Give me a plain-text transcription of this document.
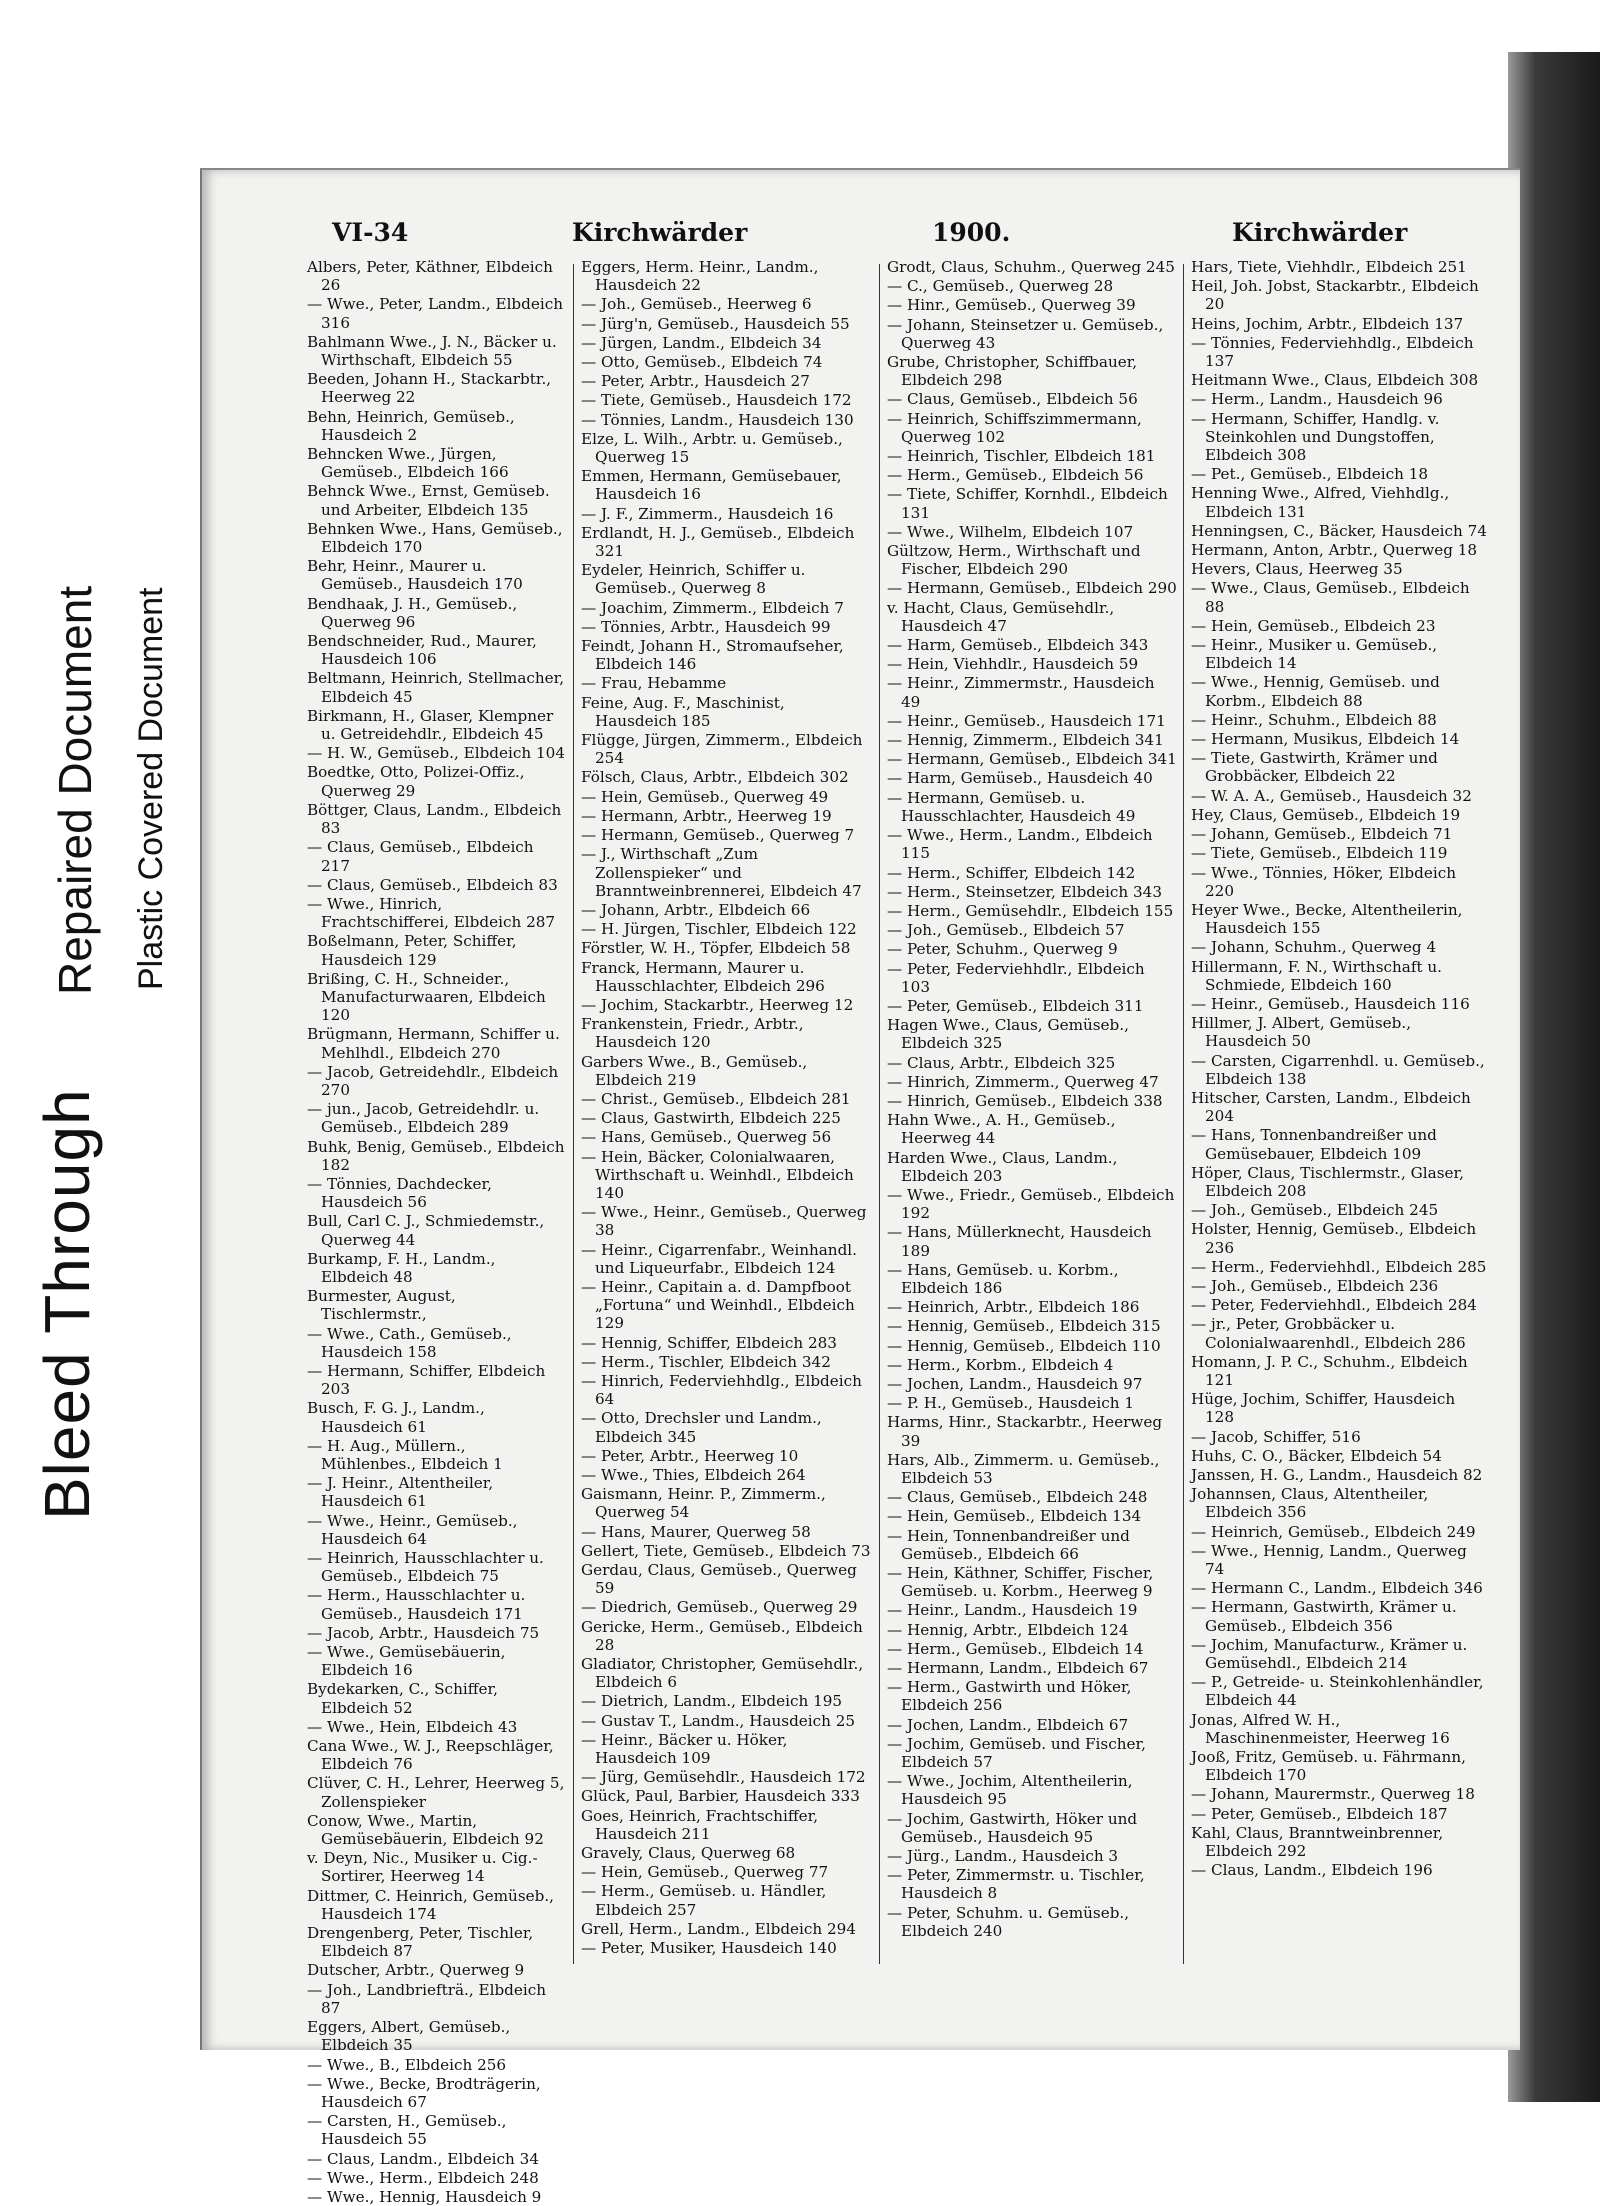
Bleed Through
Repaired Document Plastic Covered Document
VI-34	Kirchwärder	1900.	Kirchwärder
Albers, Peter, Käthner, Elbdeich 26
— Wwe., Peter, Landm., Elbdeich 316
Bahlmann Wwe., J. N., Bäcker u. Wirthschaft, Elbdeich 55
Beeden, Johann H., Stackarbtr., Heerweg 22
Behn, Heinrich, Gemüseb., Hausdeich 2
Behncken Wwe., Jürgen, Gemüseb., Elbdeich 166
Behnck Wwe., Ernst, Gemüseb. und Arbeiter, Elbdeich 135
Behnken Wwe., Hans, Gemüseb., Elbdeich 170
Behr, Heinr., Maurer u. Gemüseb., Hausdeich 170
Bendhaak, J. H., Gemüseb., Querweg 96
Bendschneider, Rud., Maurer, Hausdeich 106
Beltmann, Heinrich, Stellmacher, Elbdeich 45
Birkmann, H., Glaser, Klempner u. Getreidehdlr., Elbdeich 45
— H. W., Gemüseb., Elbdeich 104
Boedtke, Otto, Polizei-Offiz., Querweg 29
Böttger, Claus, Landm., Elbdeich 83
— Claus, Gemüseb., Elbdeich 217
— Claus, Gemüseb., Elbdeich 83
— Wwe., Hinrich, Frachtschifferei, Elbdeich 287
Boßelmann, Peter, Schiffer, Hausdeich 129
Brißing, C. H., Schneider., Manufacturwaaren, Elbdeich 120
Brügmann, Hermann, Schiffer u. Mehlhdl., Elbdeich 270
— Jacob, Getreidehdlr., Elbdeich 270
— jun., Jacob, Getreidehdlr. u. Gemüseb., Elbdeich 289
Buhk, Benig, Gemüseb., Elbdeich 182
— Tönnies, Dachdecker, Hausdeich 56
Bull, Carl C. J., Schmiedemstr., Querweg 44
Burkamp, F. H., Landm., Elbdeich 48
Burmester, August, Tischlermstr.,
— Wwe., Cath., Gemüseb., Hausdeich 158
— Hermann, Schiffer, Elbdeich 203
Busch, F. G. J., Landm., Hausdeich 61
— H. Aug., Müllern., Mühlenbes., Elbdeich 1
— J. Heinr., Altentheiler, Hausdeich 61
— Wwe., Heinr., Gemüseb., Hausdeich 64
— Heinrich, Hausschlachter u. Gemüseb., Elbdeich 75
— Herm., Hausschlachter u. Gemüseb., Hausdeich 171
— Jacob, Arbtr., Hausdeich 75
— Wwe., Gemüsebäuerin, Elbdeich 16
Bydekarken, C., Schiffer, Elbdeich 52
— Wwe., Hein, Elbdeich 43
Cana Wwe., W. J., Reepschläger, Elbdeich 76
Clüver, C. H., Lehrer, Heerweg 5, Zollenspieker
Conow, Wwe., Martin, Gemüsebäuerin, Elbdeich 92
v. Deyn, Nic., Musiker u. Cig.-Sortirer, Heerweg 14
Dittmer, C. Heinrich, Gemüseb., Hausdeich 174
Drengenberg, Peter, Tischler, Elbdeich 87
Dutscher, Arbtr., Querweg 9
— Joh., Landbriefträ., Elbdeich 87
Eggers, Albert, Gemüseb., Elbdeich 35
— Wwe., B., Elbdeich 256
— Wwe., Becke, Brodträgerin, Hausdeich 67
— Carsten, H., Gemüseb., Hausdeich 55
— Claus, Landm., Elbdeich 34
— Wwe., Herm., Elbdeich 248
— Wwe., Hennig, Hausdeich 9
Eggers, Herm. Heinr., Landm., Hausdeich 22
— Joh., Gemüseb., Heerweg 6
— Jürg'n, Gemüseb., Hausdeich 55
— Jürgen, Landm., Elbdeich 34
— Otto, Gemüseb., Elbdeich 74
— Peter, Arbtr., Hausdeich 27
— Tiete, Gemüseb., Hausdeich 172
— Tönnies, Landm., Hausdeich 130
Elze, L. Wilh., Arbtr. u. Gemüseb., Querweg 15
Emmen, Hermann, Gemüsebauer, Hausdeich 16
— J. F., Zimmerm., Hausdeich 16
Erdlandt, H. J., Gemüseb., Elbdeich 321
Eydeler, Heinrich, Schiffer u. Gemüseb., Querweg 8
— Joachim, Zimmerm., Elbdeich 7
— Tönnies, Arbtr., Hausdeich 99
Feindt, Johann H., Stromaufseher, Elbdeich 146
— Frau, Hebamme
Feine, Aug. F., Maschinist, Hausdeich 185
Flügge, Jürgen, Zimmerm., Elbdeich 254
Fölsch, Claus, Arbtr., Elbdeich 302
— Hein, Gemüseb., Querweg 49
— Hermann, Arbtr., Heerweg 19
— Hermann, Gemüseb., Querweg 7
— J., Wirthschaft „Zum Zollenspieker“ und Branntweinbrennerei, Elbdeich 47
— Johann, Arbtr., Elbdeich 66
— H. Jürgen, Tischler, Elbdeich 122
Förstler, W. H., Töpfer, Elbdeich 58
Franck, Hermann, Maurer u. Hausschlachter, Elbdeich 296
— Jochim, Stackarbtr., Heerweg 12
Frankenstein, Friedr., Arbtr., Hausdeich 120
Garbers Wwe., B., Gemüseb., Elbdeich 219
— Christ., Gemüseb., Elbdeich 281
— Claus, Gastwirth, Elbdeich 225
— Hans, Gemüseb., Querweg 56
— Hein, Bäcker, Colonialwaaren, Wirthschaft u. Weinhdl., Elbdeich 140
— Wwe., Heinr., Gemüseb., Querweg 38
— Heinr., Cigarrenfabr., Weinhandl. und Liqueurfabr., Elbdeich 124
— Heinr., Capitain a. d. Dampfboot „Fortuna“ und Weinhdl., Elbdeich 129
— Hennig, Schiffer, Elbdeich 283
— Herm., Tischler, Elbdeich 342
— Hinrich, Federviehhdlg., Elbdeich 64
— Otto, Drechsler und Landm., Elbdeich 345
— Peter, Arbtr., Heerweg 10
— Wwe., Thies, Elbdeich 264
Gaismann, Heinr. P., Zimmerm., Querweg 54
— Hans, Maurer, Querweg 58
Gellert, Tiete, Gemüseb., Elbdeich 73
Gerdau, Claus, Gemüseb., Querweg 59
— Diedrich, Gemüseb., Querweg 29
Gericke, Herm., Gemüseb., Elbdeich 28
Gladiator, Christopher, Gemüsehdlr., Elbdeich 6
— Dietrich, Landm., Elbdeich 195
— Gustav T., Landm., Hausdeich 25
— Heinr., Bäcker u. Höker, Hausdeich 109
— Jürg, Gemüsehdlr., Hausdeich 172
Glück, Paul, Barbier, Hausdeich 333
Goes, Heinrich, Frachtschiffer, Hausdeich 211
Gravely, Claus, Querweg 68
— Hein, Gemüseb., Querweg 77
— Herm., Gemüseb. u. Händler, Elbdeich 257
Grell, Herm., Landm., Elbdeich 294
— Peter, Musiker, Hausdeich 140
Grodt, Claus, Schuhm., Querweg 245
— C., Gemüseb., Querweg 28
— Hinr., Gemüseb., Querweg 39
— Johann, Steinsetzer u. Gemüseb., Querweg 43
Grube, Christopher, Schiffbauer, Elbdeich 298
— Claus, Gemüseb., Elbdeich 56
— Heinrich, Schiffszimmermann, Querweg 102
— Heinrich, Tischler, Elbdeich 181
— Herm., Gemüseb., Elbdeich 56
— Tiete, Schiffer, Kornhdl., Elbdeich 131
— Wwe., Wilhelm, Elbdeich 107
Gültzow, Herm., Wirthschaft und Fischer, Elbdeich 290
— Hermann, Gemüseb., Elbdeich 290
v. Hacht, Claus, Gemüsehdlr., Hausdeich 47
— Harm, Gemüseb., Elbdeich 343
— Hein, Viehhdlr., Hausdeich 59
— Heinr., Zimmermstr., Hausdeich 49
— Heinr., Gemüseb., Hausdeich 171
— Hennig, Zimmerm., Elbdeich 341
— Hermann, Gemüseb., Elbdeich 341
— Harm, Gemüseb., Hausdeich 40
— Hermann, Gemüseb. u. Hausschlachter, Hausdeich 49
— Wwe., Herm., Landm., Elbdeich 115
— Herm., Schiffer, Elbdeich 142
— Herm., Steinsetzer, Elbdeich 343
— Herm., Gemüsehdlr., Elbdeich 155
— Joh., Gemüseb., Elbdeich 57
— Peter, Schuhm., Querweg 9
— Peter, Federviehhdlr., Elbdeich 103
— Peter, Gemüseb., Elbdeich 311
Hagen Wwe., Claus, Gemüseb., Elbdeich 325
— Claus, Arbtr., Elbdeich 325
— Hinrich, Zimmerm., Querweg 47
— Hinrich, Gemüseb., Elbdeich 338
Hahn Wwe., A. H., Gemüseb., Heerweg 44
Harden Wwe., Claus, Landm., Elbdeich 203
— Wwe., Friedr., Gemüseb., Elbdeich 192
— Hans, Müllerknecht, Hausdeich 189
— Hans, Gemüseb. u. Korbm., Elbdeich 186
— Heinrich, Arbtr., Elbdeich 186
— Hennig, Gemüseb., Elbdeich 315
— Hennig, Gemüseb., Elbdeich 110
— Herm., Korbm., Elbdeich 4
— Jochen, Landm., Hausdeich 97
— P. H., Gemüseb., Hausdeich 1
Harms, Hinr., Stackarbtr., Heerweg 39
Hars, Alb., Zimmerm. u. Gemüseb., Elbdeich 53
— Claus, Gemüseb., Elbdeich 248
— Hein, Gemüseb., Elbdeich 134
— Hein, Tonnenbandreißer und Gemüseb., Elbdeich 66
— Hein, Käthner, Schiffer, Fischer, Gemüseb. u. Korbm., Heerweg 9
— Heinr., Landm., Hausdeich 19
— Hennig, Arbtr., Elbdeich 124
— Herm., Gemüseb., Elbdeich 14
— Hermann, Landm., Elbdeich 67
— Herm., Gastwirth und Höker, Elbdeich 256
— Jochen, Landm., Elbdeich 67
— Jochim, Gemüseb. und Fischer, Elbdeich 57
— Wwe., Jochim, Altentheilerin, Hausdeich 95
— Jochim, Gastwirth, Höker und Gemüseb., Hausdeich 95
— Jürg., Landm., Hausdeich 3
— Peter, Zimmermstr. u. Tischler, Hausdeich 8
— Peter, Schuhm. u. Gemüseb., Elbdeich 240
Hars, Tiete, Viehhdlr., Elbdeich 251
Heil, Joh. Jobst, Stackarbtr., Elbdeich 20
Heins, Jochim, Arbtr., Elbdeich 137
— Tönnies, Federviehhdlg., Elbdeich 137
Heitmann Wwe., Claus, Elbdeich 308
— Herm., Landm., Hausdeich 96
— Hermann, Schiffer, Handlg. v. Steinkohlen und Dungstoffen, Elbdeich 308
— Pet., Gemüseb., Elbdeich 18
Henning Wwe., Alfred, Viehhdlg., Elbdeich 131
Henningsen, C., Bäcker, Hausdeich 74
Hermann, Anton, Arbtr., Querweg 18
Hevers, Claus, Heerweg 35
— Wwe., Claus, Gemüseb., Elbdeich 88
— Hein, Gemüseb., Elbdeich 23
— Heinr., Musiker u. Gemüseb., Elbdeich 14
— Wwe., Hennig, Gemüseb. und Korbm., Elbdeich 88
— Heinr., Schuhm., Elbdeich 88
— Hermann, Musikus, Elbdeich 14
— Tiete, Gastwirth, Krämer und Grobbäcker, Elbdeich 22
— W. A. A., Gemüseb., Hausdeich 32
Hey, Claus, Gemüseb., Elbdeich 19
— Johann, Gemüseb., Elbdeich 71
— Tiete, Gemüseb., Elbdeich 119
— Wwe., Tönnies, Höker, Elbdeich 220
Heyer Wwe., Becke, Altentheilerin, Hausdeich 155
— Johann, Schuhm., Querweg 4
Hillermann, F. N., Wirthschaft u. Schmiede, Elbdeich 160
— Heinr., Gemüseb., Hausdeich 116
Hillmer, J. Albert, Gemüseb., Hausdeich 50
— Carsten, Cigarrenhdl. u. Gemüseb., Elbdeich 138
Hitscher, Carsten, Landm., Elbdeich 204
— Hans, Tonnenbandreißer und Gemüsebauer, Elbdeich 109
Höper, Claus, Tischlermstr., Glaser, Elbdeich 208
— Joh., Gemüseb., Elbdeich 245
Holster, Hennig, Gemüseb., Elbdeich 236
— Herm., Federviehhdl., Elbdeich 285
— Joh., Gemüseb., Elbdeich 236
— Peter, Federviehhdl., Elbdeich 284
— jr., Peter, Grobbäcker u. Colonialwaarenhdl., Elbdeich 286
Homann, J. P. C., Schuhm., Elbdeich 121
Hüge, Jochim, Schiffer, Hausdeich 128
— Jacob, Schiffer, 516
Huhs, C. O., Bäcker, Elbdeich 54
Janssen, H. G., Landm., Hausdeich 82
Johannsen, Claus, Altentheiler, Elbdeich 356
— Heinrich, Gemüseb., Elbdeich 249
— Wwe., Hennig, Landm., Querweg 74
— Hermann C., Landm., Elbdeich 346
— Hermann, Gastwirth, Krämer u. Gemüseb., Elbdeich 356
— Jochim, Manufacturw., Krämer u. Gemüsehdl., Elbdeich 214
— P., Getreide- u. Steinkohlenhändler, Elbdeich 44
Jonas, Alfred W. H., Maschinenmeister, Heerweg 16
Jooß, Fritz, Gemüseb. u. Fährmann, Elbdeich 170
— Johann, Maurermstr., Querweg 18
— Peter, Gemüseb., Elbdeich 187
Kahl, Claus, Branntweinbrenner, Elbdeich 292
— Claus, Landm., Elbdeich 196
